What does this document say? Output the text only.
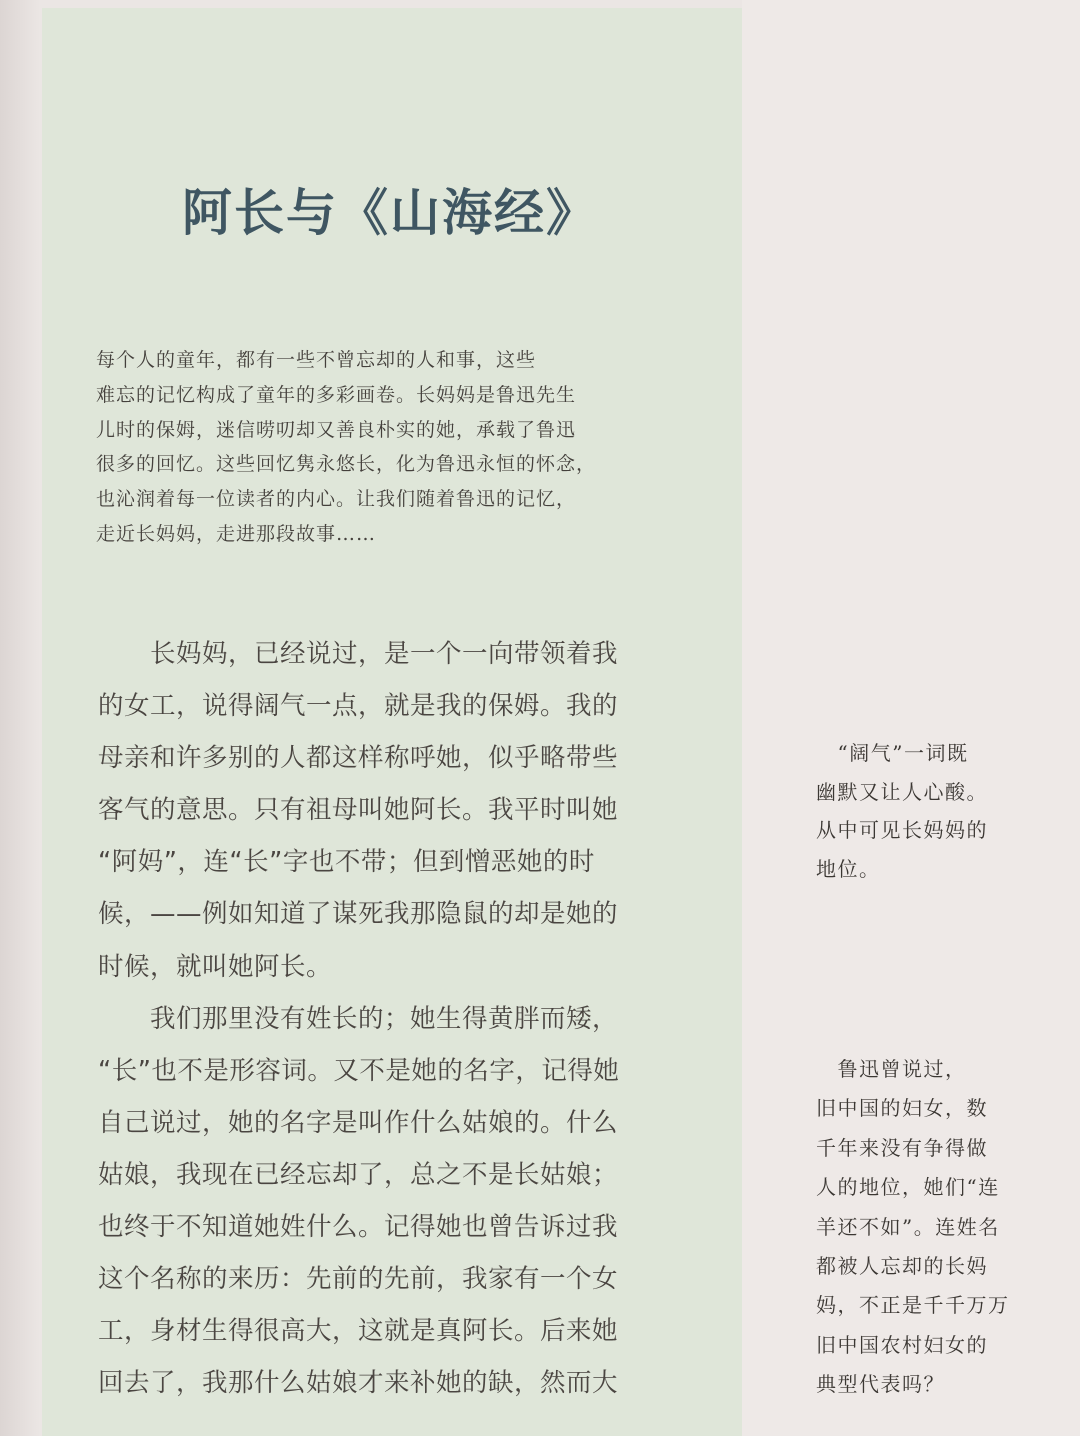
阿长与《山海经》

每个人的童年，都有一些不曾忘却的人和事，这些
难忘的记忆构成了童年的多彩画卷。长妈妈是鲁迅先生
儿时的保姆，迷信唠叨却又善良朴实的她，承载了鲁迅
很多的回忆。这些回忆隽永悠长，化为鲁迅永恒的怀念，
也沁润着每一位读者的内心。让我们随着鲁迅的记忆，
走近长妈妈，走进那段故事……

　　长妈妈，已经说过，是一个一向带领着我
的女工，说得阔气一点，就是我的保姆。我的
母亲和许多别的人都这样称呼她，似乎略带些
客气的意思。只有祖母叫她阿长。我平时叫她
“阿妈”，连“长”字也不带；但到憎恶她的时
候，——例如知道了谋死我那隐鼠的却是她的
时候，就叫她阿长。
　　我们那里没有姓长的；她生得黄胖而矮，
“长”也不是形容词。又不是她的名字，记得她
自己说过，她的名字是叫作什么姑娘的。什么
姑娘，我现在已经忘却了，总之不是长姑娘；
也终于不知道她姓什么。记得她也曾告诉过我
这个名称的来历：先前的先前，我家有一个女
工，身材生得很高大，这就是真阿长。后来她
回去了，我那什么姑娘才来补她的缺，然而大

　“阔气”一词既
幽默又让人心酸。
从中可见长妈妈的
地位。

　鲁迅曾说过，
旧中国的妇女，数
千年来没有争得做
人的地位，她们“连
羊还不如”。连姓名
都被人忘却的长妈
妈，不正是千千万万
旧中国农村妇女的
典型代表吗？
